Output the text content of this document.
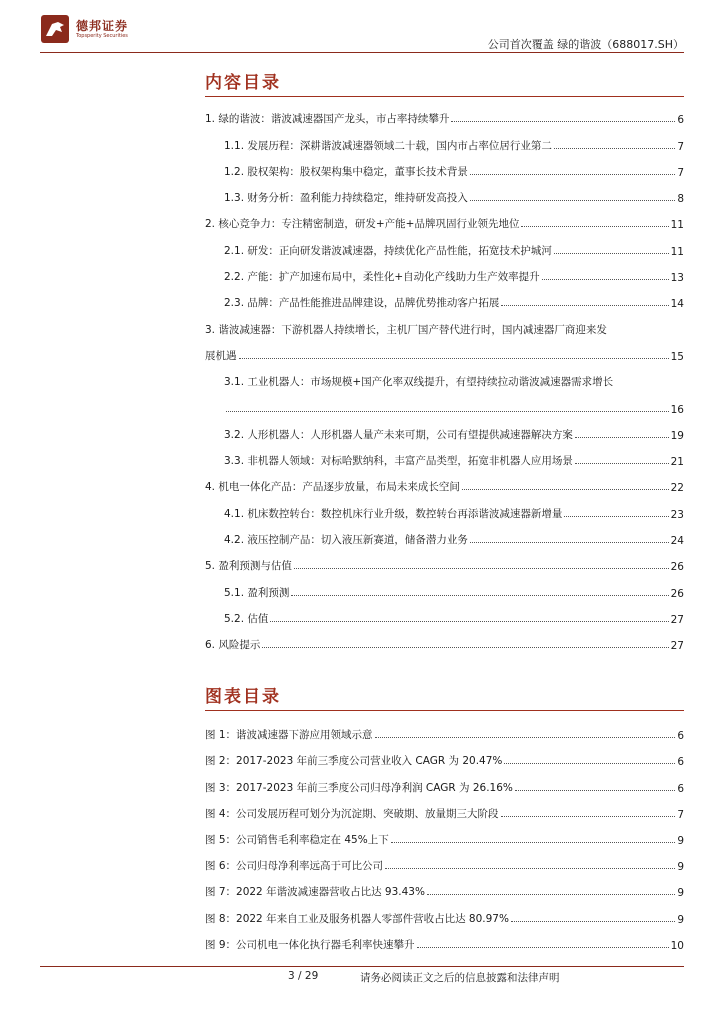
德邦证券
Topsperity Securities
公司首次覆盖 绿的谐波（688017.SH）
内容目录
1. 绿的谐波：谐波减速器国产龙头，市占率持续攀升	6
1.1. 发展历程：深耕谐波减速器领域二十载，国内市占率位居行业第二	7
1.2. 股权架构：股权架构集中稳定，董事长技术背景	7
1.3. 财务分析：盈利能力持续稳定，维持研发高投入	8
2. 核心竞争力：专注精密制造，研发+产能+品牌巩固行业领先地位	11
2.1. 研发：正向研发谐波减速器，持续优化产品性能，拓宽技术护城河	11
2.2. 产能：扩产加速布局中，柔性化+自动化产线助力生产效率提升	13
2.3. 品牌：产品性能推进品牌建设，品牌优势推动客户拓展	14
3. 谐波减速器：下游机器人持续增长，主机厂国产替代进行时，国内减速器厂商迎来发
展机遇	15
3.1. 工业机器人：市场规模+国产化率双线提升，有望持续拉动谐波减速器需求增长
16
3.2. 人形机器人：人形机器人量产未来可期，公司有望提供减速器解决方案	19
3.3. 非机器人领域：对标哈默纳科，丰富产品类型，拓宽非机器人应用场景	21
4. 机电一体化产品：产品逐步放量，布局未来成长空间	22
4.1. 机床数控转台：数控机床行业升级，数控转台再添谐波减速器新增量	23
4.2. 液压控制产品：切入液压新赛道，储备潜力业务	24
5. 盈利预测与估值	26
5.1. 盈利预测	26
5.2. 估值	27
6. 风险提示	27
图表目录
图 1：谐波减速器下游应用领域示意	6
图 2：2017-2023 年前三季度公司营业收入 CAGR 为 20.47%	6
图 3：2017-2023 年前三季度公司归母净利润 CAGR 为 26.16%	6
图 4：公司发展历程可划分为沉淀期、突破期、放量期三大阶段	7
图 5：公司销售毛利率稳定在 45%上下	9
图 6：公司归母净利率远高于可比公司	9
图 7：2022 年谐波减速器营收占比达 93.43%	9
图 8：2022 年来自工业及服务机器人零部件营收占比达 80.97%	9
图 9：公司机电一体化执行器毛利率快速攀升	10
3 / 29	请务必阅读正文之后的信息披露和法律声明
